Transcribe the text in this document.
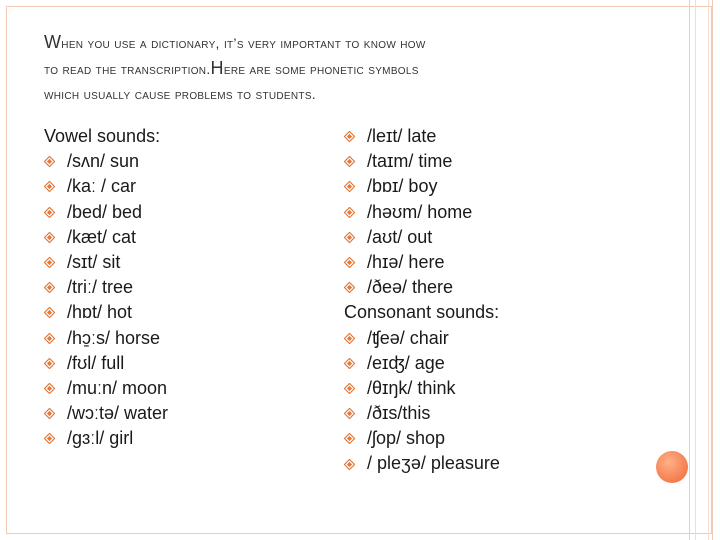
When you use a dictionary, it’s very important to know how
to read the transcription.Here are some phonetic symbols
which usually cause problems to students.
Vowel sounds:
/sʌn/ sun
/kaː / car
/bed/ bed
/kæt/ cat
/sɪt/ sit
/triː/ tree
/hɒt/ hot
/hɔ̱ːs/ horse
/fʊl/ full
/muːn/ moon
/wɔːtə/ water
/gɜːl/ girl
/leɪt/ late
/taɪm/ time
/bɒɪ/ boy
/həʊm/ home
/aʊt/ out
/hɪə/ here
/ðeə/ there
Consonant sounds:
/ʧeə/ chair
/eɪʤ/ age
/θɪŋk/ think
/ðɪs/this
/ʃop/ shop
/ pleʒə/ pleasure
